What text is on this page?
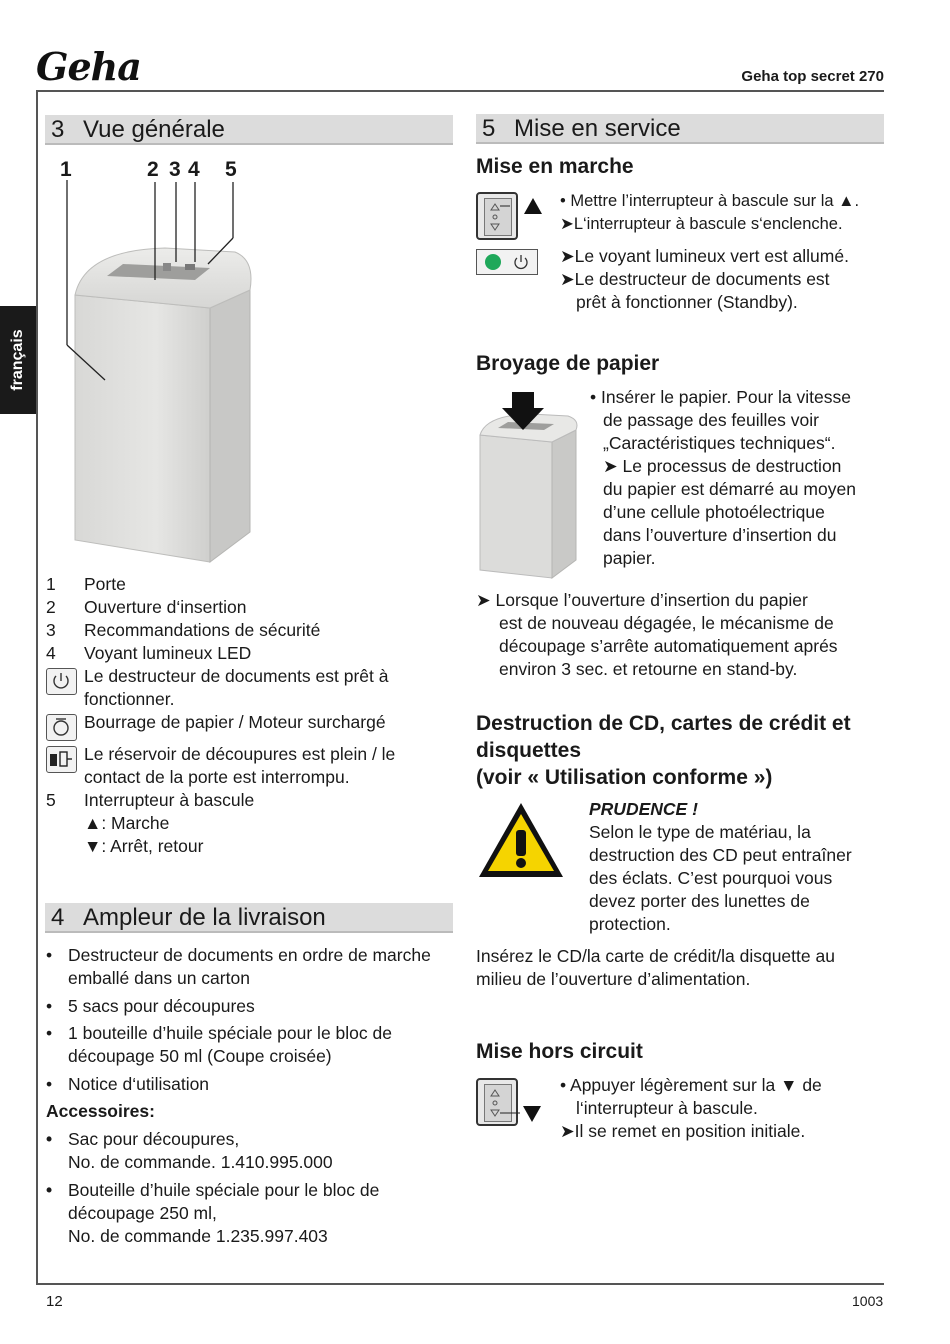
Geha	Geha top secret 270
français
3 Vue générale
1	2 3 4 5
1 Porte
2 Ouverture d‘insertion
3 Recommandations de sécurité
4 Voyant lumineux LED
Le destructeur de documents est prêt à fonctionner.
Bourrage de papier / Moteur surchargé
Le réservoir de découpures est plein / le contact de la porte est interrompu.
5 Interrupteur à bascule
▲: Marche
▼: Arrêt, retour
4 Ampleur de la livraison
• Destructeur de documents en ordre de marche emballé dans un carton
• 5 sacs pour découpures
• 1 bouteille d’huile spéciale pour le bloc de découpage 50 ml (Coupe croisée)
• Notice d‘utilisation
Accessoires:
• Sac pour découpures,
No. de commande. 1.410.995.000
• Bouteille d’huile spéciale pour le bloc de
découpage 250 ml,
No. de commande 1.235.997.403
5 Mise en service
Mise en marche
• Mettre l’interrupteur à bascule sur la ▲.
➤L‘interrupteur à bascule s‘enclenche.
➤Le voyant lumineux vert est allumé.
➤Le destructeur de documents est
prêt à fonctionner (Standby).
Broyage de papier
• Insérer le papier. Pour la vitesse
de passage des feuilles voir
„Caractéristiques techniques“.
➤ Le processus de destruction
du papier est démarré au moyen
d’une cellule photoélectrique
dans l’ouverture d’insertion du
papier.
➤ Lorsque l’ouverture d’insertion du papier
est de nouveau dégagée, le mécanisme de
découpage s’arrête automatiquement aprés
environ 3 sec. et retourne en stand-by.
Destruction de CD, cartes de crédit et
disquettes
(voir « Utilisation conforme »)
PRUDENCE !
Selon le type de matériau, la
destruction des CD peut entraîner
des éclats. C’est pourquoi vous
devez porter des lunettes de
protection.
Insérez le CD/la carte de crédit/la disquette au
milieu de l’ouverture d’alimentation.
Mise hors circuit
• Appuyer légèrement sur la ▼ de
l‘interrupteur à bascule.
➤Il se remet en position initiale.
12	1003
